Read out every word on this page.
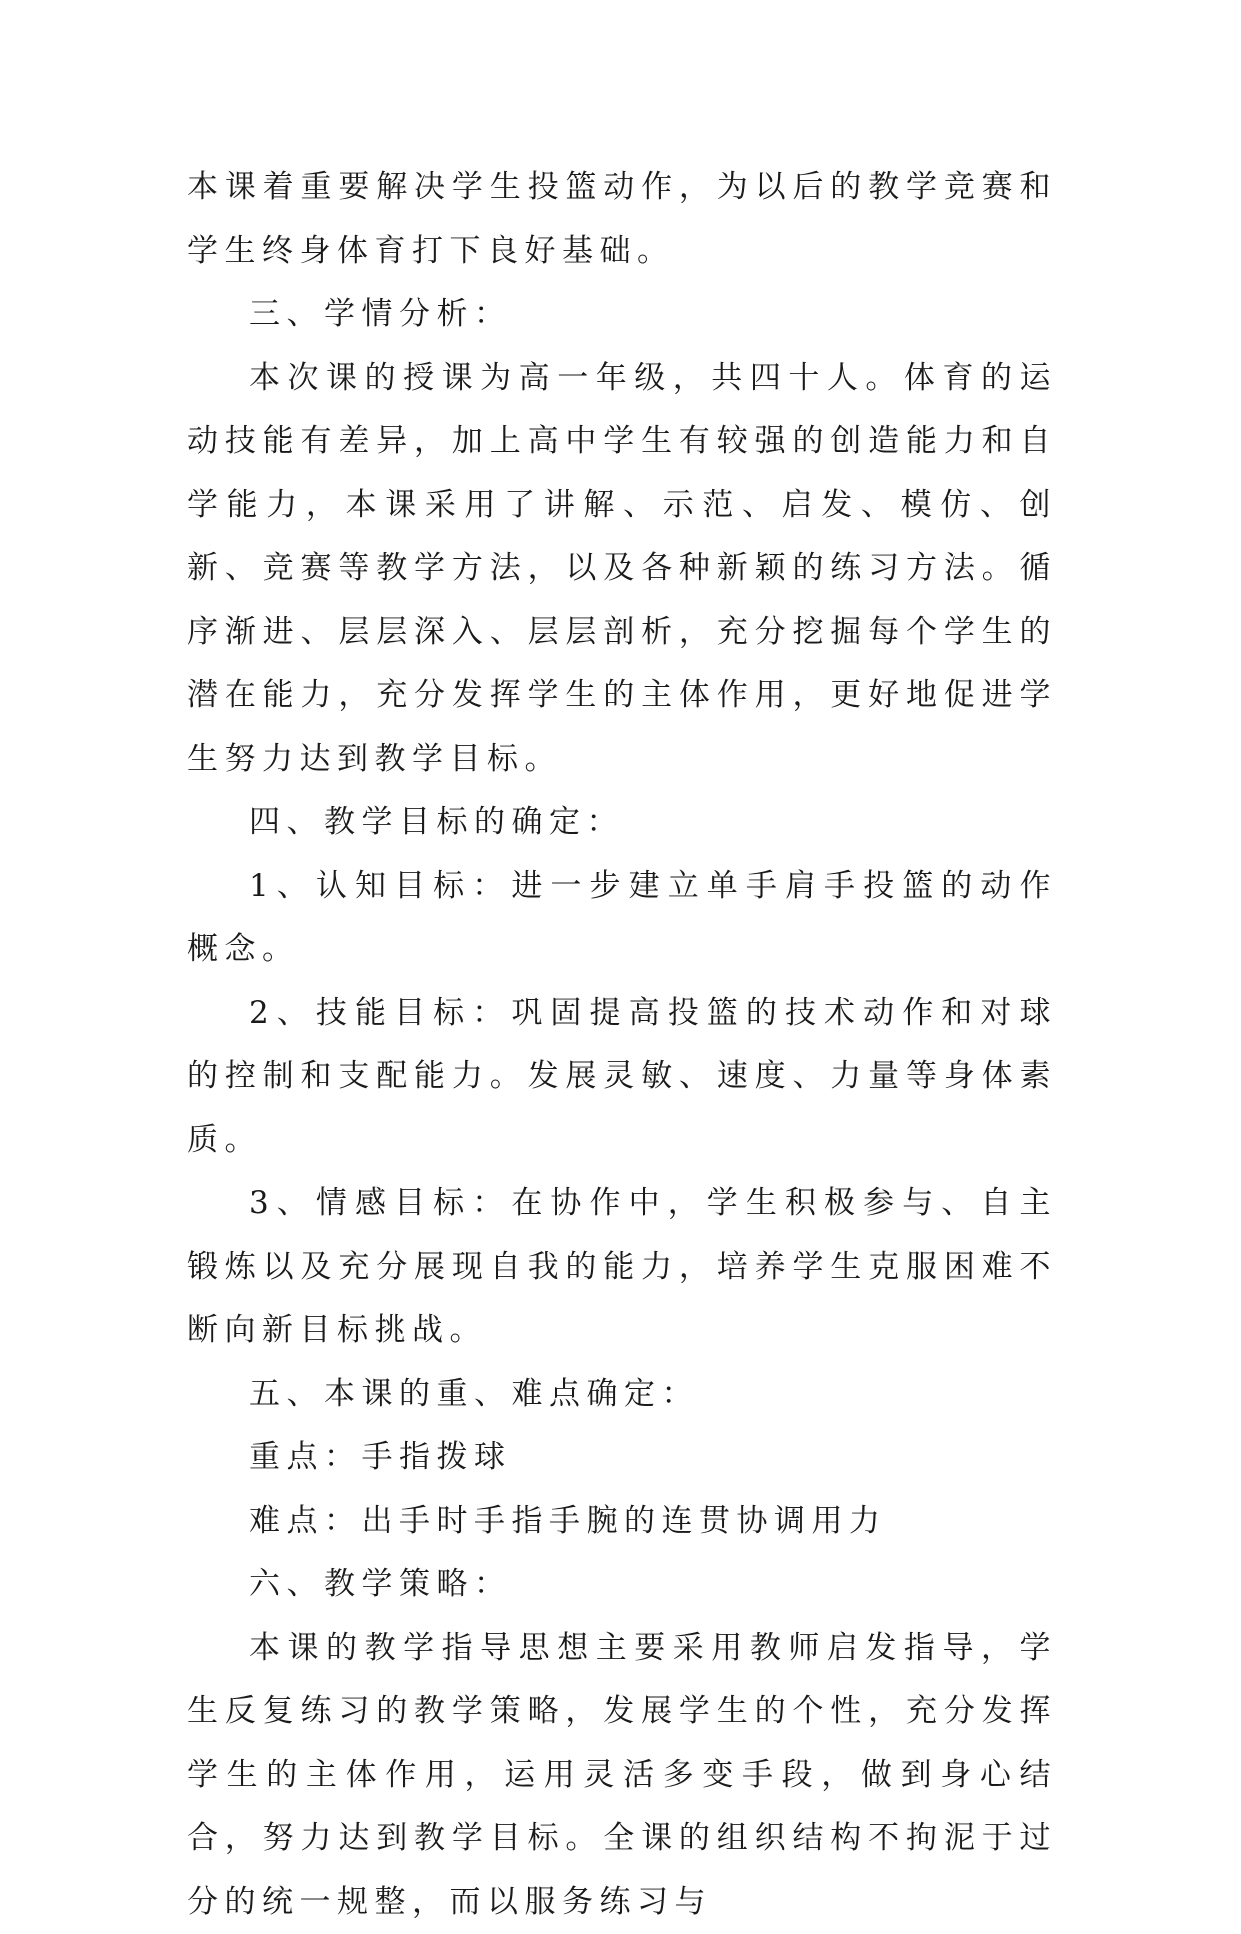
本课着重要解决学生投篮动作，为以后的教学竞赛和学生终身体育打下良好基础。

三、学情分析：

本次课的授课为高一年级，共四十人。体育的运动技能有差异，加上高中学生有较强的创造能力和自学能力，本课采用了讲解、示范、启发、模仿、创新、竞赛等教学方法，以及各种新颖的练习方法。循序渐进、层层深入、层层剖析，充分挖掘每个学生的潜在能力，充分发挥学生的主体作用，更好地促进学生努力达到教学目标。

四、教学目标的确定：

1、认知目标：进一步建立单手肩手投篮的动作概念。

2、技能目标：巩固提高投篮的技术动作和对球的控制和支配能力。发展灵敏、速度、力量等身体素质。

3、情感目标：在协作中，学生积极参与、自主锻炼以及充分展现自我的能力，培养学生克服困难不断向新目标挑战。

五、本课的重、难点确定：

重点：手指拨球

难点：出手时手指手腕的连贯协调用力

六、教学策略：

本课的教学指导思想主要采用教师启发指导，学生反复练习的教学策略，发展学生的个性，充分发挥学生的主体作用，运用灵活多变手段，做到身心结合，努力达到教学目标。全课的组织结构不拘泥于过分的统一规整，而以服务练习与
